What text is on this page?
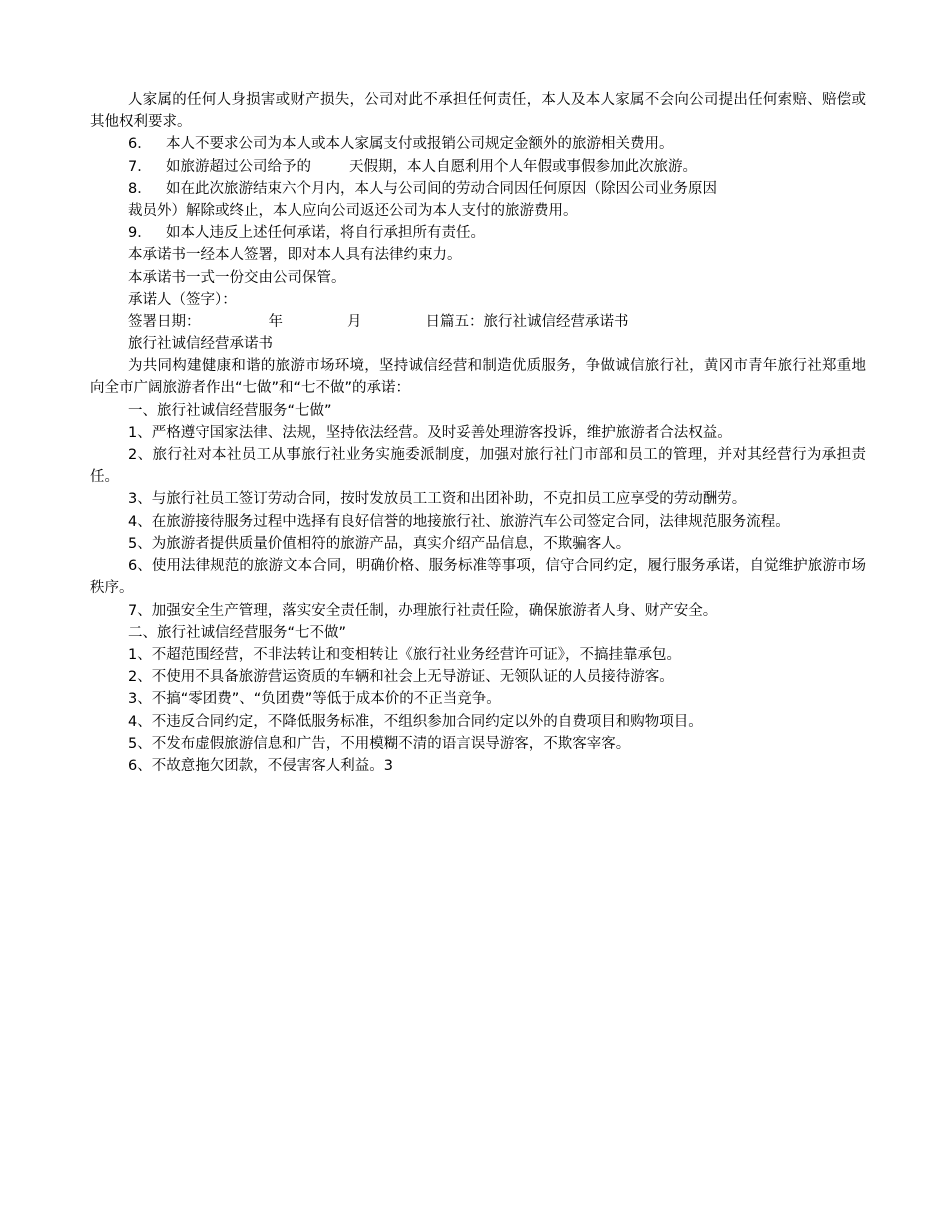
人家属的任何人身损害或财产损失，公司对此不承担任何责任，本人及本人家属不会向公司提出任何索赔、赔偿或其他权利要求。
6． 本人不要求公司为本人或本人家属支付或报销公司规定金额外的旅游相关费用。
7． 如旅游超过公司给予的	天假期，本人自愿利用个人年假或事假参加此次旅游。
8． 如在此次旅游结束六个月内，本人与公司间的劳动合同因任何原因（除因公司业务原因
裁员外）解除或终止，本人应向公司返还公司为本人支付的旅游费用。
9． 如本人违反上述任何承诺，将自行承担所有责任。
本承诺书一经本人签署，即对本人具有法律约束力。
本承诺书一式一份交由公司保管。
承诺人（签字）：
签署日期：	年	月	日篇五：旅行社诚信经营承诺书
旅行社诚信经营承诺书
为共同构建健康和谐的旅游市场环境，坚持诚信经营和制造优质服务，争做诚信旅行社，黄冈市青年旅行社郑重地向全市广阔旅游者作出“七做”和“七不做”的承诺：
一、旅行社诚信经营服务“七做”
1、严格遵守国家法律、法规，坚持依法经营。及时妥善处理游客投诉，维护旅游者合法权益。
2、旅行社对本社员工从事旅行社业务实施委派制度，加强对旅行社门市部和员工的管理，并对其经营行为承担责任。
3、与旅行社员工签订劳动合同，按时发放员工工资和出团补助，不克扣员工应享受的劳动酬劳。
4、在旅游接待服务过程中选择有良好信誉的地接旅行社、旅游汽车公司签定合同，法律规范服务流程。
5、为旅游者提供质量价值相符的旅游产品，真实介绍产品信息，不欺骗客人。
6、使用法律规范的旅游文本合同，明确价格、服务标准等事项，信守合同约定，履行服务承诺，自觉维护旅游市场秩序。
7、加强安全生产管理，落实安全责任制，办理旅行社责任险，确保旅游者人身、财产安全。
二、旅行社诚信经营服务“七不做”
1、不超范围经营，不非法转让和变相转让《旅行社业务经营许可证》，不搞挂靠承包。
2、不使用不具备旅游营运资质的车辆和社会上无导游证、无领队证的人员接待游客。
3、不搞“零团费”、“负团费”等低于成本价的不正当竞争。
4、不违反合同约定，不降低服务标准，不组织参加合同约定以外的自费项目和购物项目。
5、不发布虚假旅游信息和广告，不用模糊不清的语言误导游客，不欺客宰客。
6、不故意拖欠团款，不侵害客人利益。3
